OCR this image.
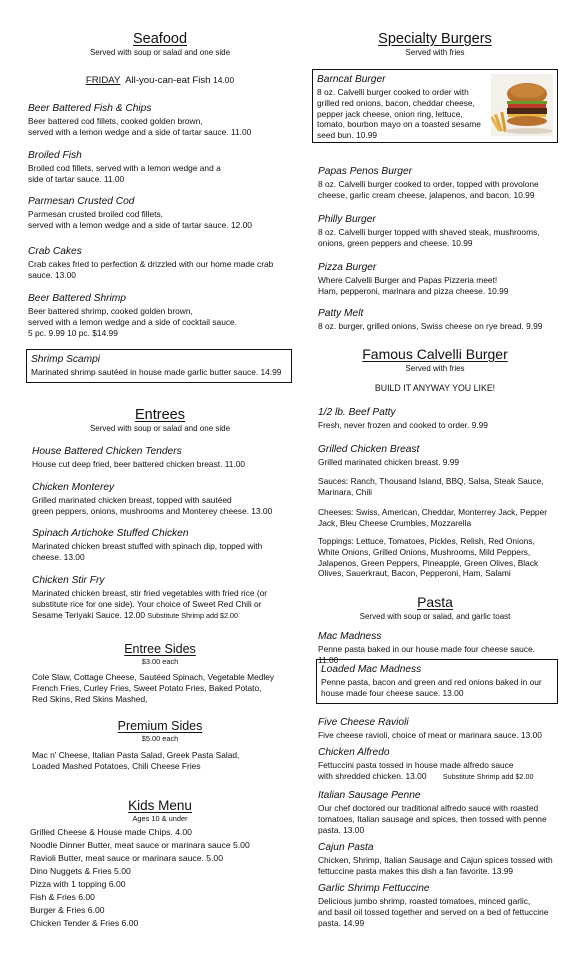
Seafood
Served with soup or salad and one side
FRIDAY All-you-can-eat Fish 14.00
Beer Battered Fish & Chips
Beer battered cod fillets, cooked golden brown,
served with a lemon wedge and a side of tartar sauce. 11.00
Broiled Fish
Broiled cod fillets, served with a lemon wedge and a
side of tartar sauce. 11.00
Parmesan Crusted Cod
Parmesan crusted broiled cod fillets,
served with a lemon wedge and a side of tartar sauce. 12.00
Crab Cakes
Crab cakes fried to perfection & drizzled with our home made crab
sauce. 13.00
Beer Battered Shrimp
Beer battered shrimp, cooked golden brown,
served with a lemon wedge and a side of cocktail sauce.
5 pc. 9.99 10 pc. $14.99
Shrimp Scampi
Marinated shrimp sautéed in house made garlic butter sauce. 14.99
Entrees
Served with soup or salad and one side
House Battered Chicken Tenders
House cut deep fried, beer battered chicken breast. 11.00
Chicken Monterey
Grilled marinated chicken breast, topped with sautéed
green peppers, onions, mushrooms and Monterey cheese. 13.00
Spinach Artichoke Stuffed Chicken
Marinated chicken breast stuffed with spinach dip, topped with
cheese. 13.00
Chicken Stir Fry
Marinated chicken breast, stir fried vegetables with fried rice (or
substitute rice for one side). Your choice of Sweet Red Chili or
Sesame Teriyaki Sauce. 12.00 Substitute Shrimp add $2.00
Entree Sides
$3.00 each
Cole Slaw, Cottage Cheese, Sautéed Spinach, Vegetable Medley
French Fries, Curley Fries, Sweet Potato Fries, Baked Potato,
Red Skins, Red Skins Mashed,
Premium Sides
$5.00 each
Mac n' Cheese, Italian Pasta Salad, Greek Pasta Salad,
Loaded Mashed Potatoes, Chili Cheese Fries
Kids Menu
Ages 10 & under
Grilled Cheese & House made Chips. 4.00
Noodle Dinner Butter, meat sauce or marinara sauce 5.00
Ravioli Butter, meat sauce or marinara sauce. 5.00
Dino Nuggets & Fries 5.00
Pizza with 1 topping 6.00
Fish & Fries 6.00
Burger & Fries 6.00
Chicken Tender & Fries 6.00
Specialty Burgers
Served with fries
Barncat Burger
8 oz. Calvelli burger cooked to order with
grilled red onions, bacon, cheddar cheese,
pepper jack cheese, onion ring, lettuce,
tomato, bourbon mayo on a toasted sesame
seed bun. 10.99
Papas Penos Burger
8 oz. Calvelli burger cooked to order, topped with provolone
cheese, garlic cream cheese, jalapenos, and bacon. 10.99
Philly Burger
8 oz. Calvelli burger topped with shaved steak, mushrooms,
onions, green peppers and cheese. 10.99
Pizza Burger
Where Calvelli Burger and Papas Pizzeria meet!
Ham, pepperoni, marinara and pizza cheese. 10.99
Patty Melt
8 oz. burger, grilled onions, Swiss cheese on rye bread. 9.99
Famous Calvelli Burger
Served with fries
BUILD IT ANYWAY YOU LIKE!
1/2 lb. Beef Patty
Fresh, never frozen and cooked to order. 9.99
Grilled Chicken Breast
Grilled marinated chicken breast. 9.99
Sauces: Ranch, Thousand Island, BBQ, Salsa, Steak Sauce,
Marinara, Chili
Cheeses: Swiss, American, Cheddar, Monterrey Jack, Pepper
Jack, Bleu Cheese Crumbles, Mozzarella
Toppings: Lettuce, Tomatoes, Pickles, Relish, Red Onions,
White Onions, Grilled Onions, Mushrooms, Mild Peppers,
Jalapenos, Green Peppers, Pineapple, Green Olives, Black
Olives, Sauerkraut, Bacon, Pepperoni, Ham, Salami
Pasta
Served with soup or salad, and garlic toast
Mac Madness
Penne pasta baked in our house made four cheese sauce. 11.00
Loaded Mac Madness
Penne pasta, bacon and green and red onions baked in our
house made four cheese sauce. 13.00
Five Cheese Ravioli
Five cheese ravioli, choice of meat or marinara sauce. 13.00
Chicken Alfredo
Fettuccini pasta tossed in house made alfredo sauce
with shredded chicken. 13.00 Substitute Shrimp add $2.00
Italian Sausage Penne
Our chef doctored our traditional alfredo sauce with roasted
tomatoes, Italian sausage and spices, then tossed with penne
pasta. 13.00
Cajun Pasta
Chicken, Shrimp, Italian Sausage and Cajun spices tossed with
fettuccine pasta makes this dish a fan favorite. 13.99
Garlic Shrimp Fettuccine
Delicious jumbo shrimp, roasted tomatoes, minced garlic,
and basil oil tossed together and served on a bed of fettuccine
pasta. 14.99
